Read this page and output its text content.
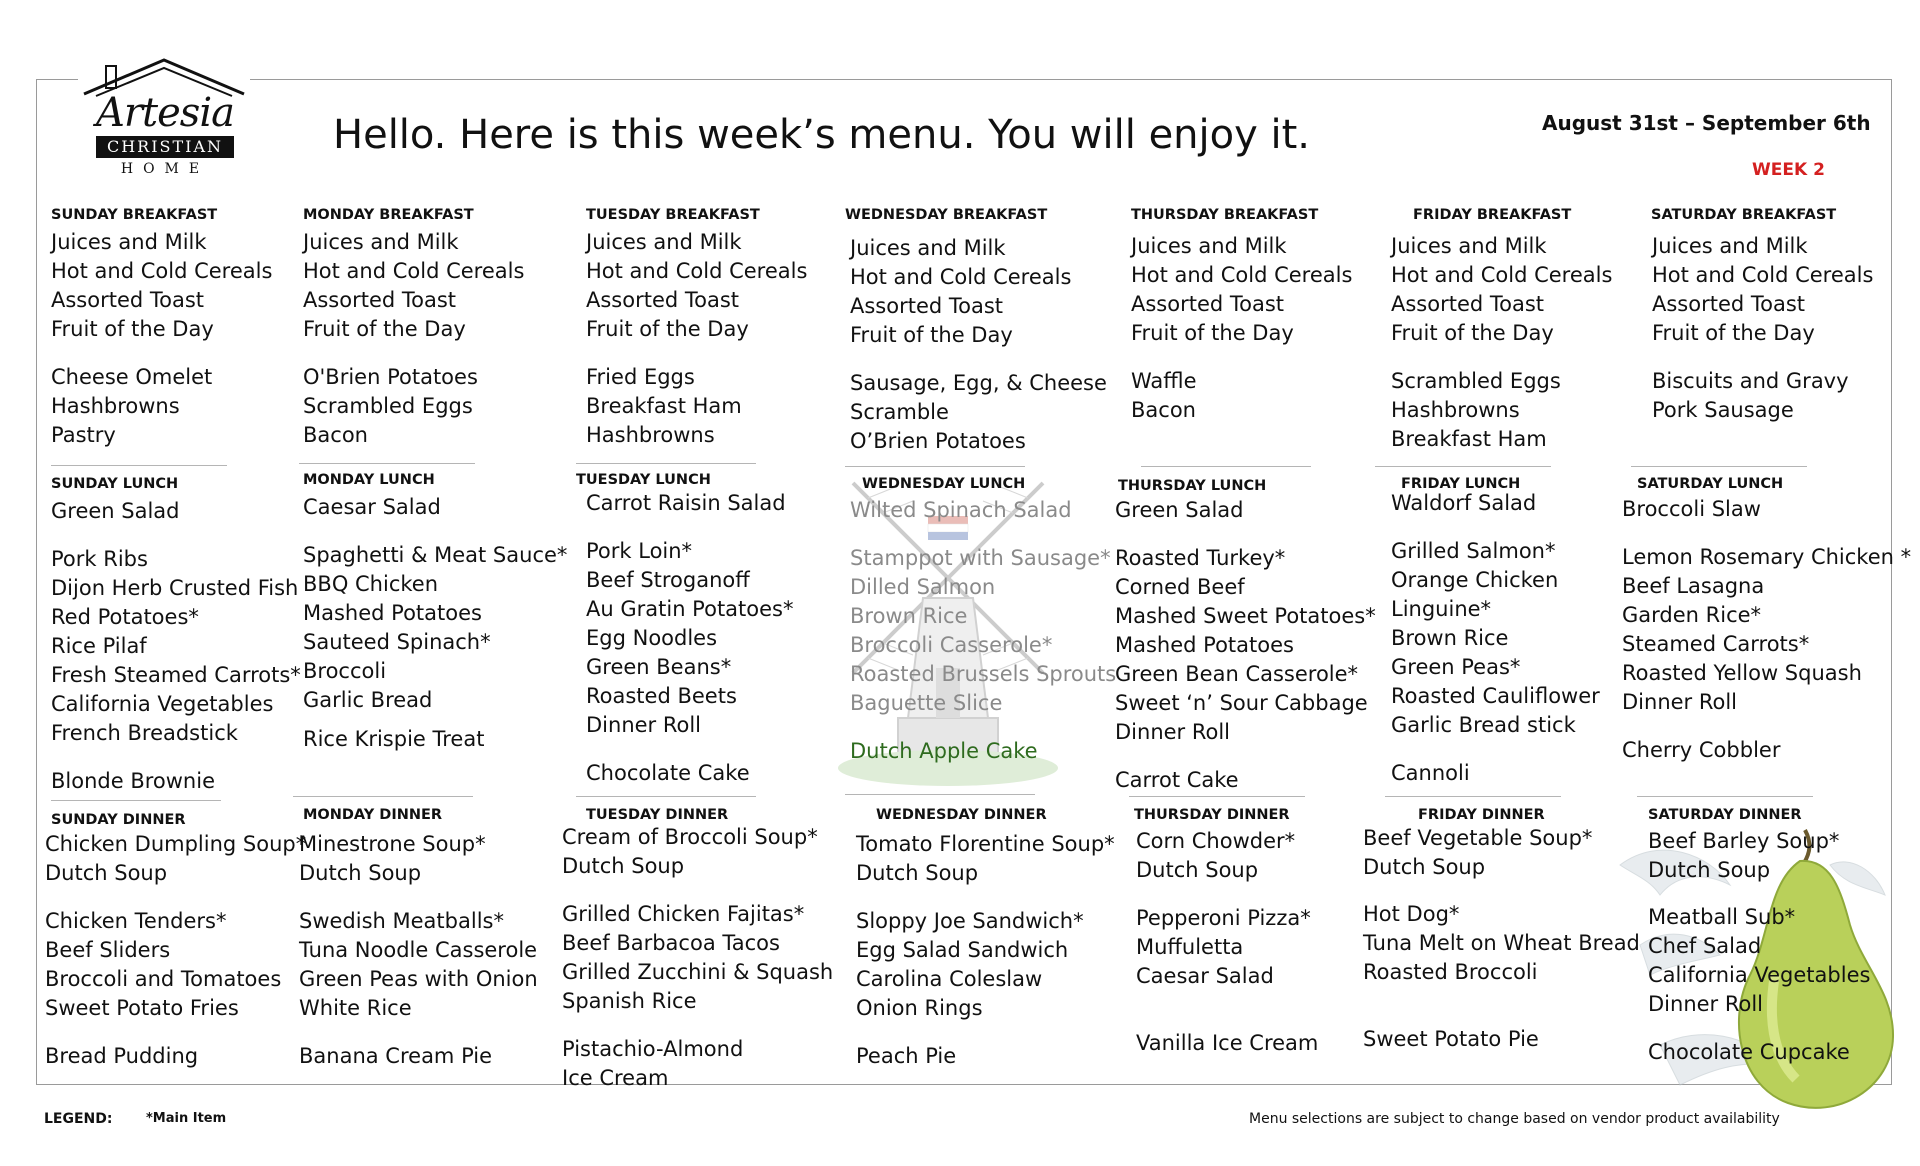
Artesia
CHRISTIAN
HOME
Hello. Here is this week’s menu. You will enjoy it.	August 31st – September 6th
WEEK 2
SUNDAY BREAKFAST
Juices and Milk
Hot and Cold Cereals
Assorted Toast
Fruit of the Day
Cheese Omelet
Hashbrowns
Pastry
SUNDAY LUNCH
Green Salad
Pork Ribs
Dijon Herb Crusted Fish
Red Potatoes*
Rice Pilaf
Fresh Steamed Carrots*
California Vegetables
French Breadstick
Blonde Brownie
SUNDAY DINNER
Chicken Dumpling Soup*
Dutch Soup
Chicken Tenders*
Beef Sliders
Broccoli and Tomatoes
Sweet Potato Fries
Bread Pudding
MONDAY BREAKFAST
Juices and Milk
Hot and Cold Cereals
Assorted Toast
Fruit of the Day
O'Brien Potatoes
Scrambled Eggs
Bacon
MONDAY LUNCH
Caesar Salad
Spaghetti & Meat Sauce*
BBQ Chicken
Mashed Potatoes
Sauteed Spinach*
Broccoli
Garlic Bread
Rice Krispie Treat
MONDAY DINNER
Minestrone Soup*
Dutch Soup
Swedish Meatballs*
Tuna Noodle Casserole
Green Peas with Onion
White Rice
Banana Cream Pie
TUESDAY BREAKFAST
Juices and Milk
Hot and Cold Cereals
Assorted Toast
Fruit of the Day
Fried Eggs
Breakfast Ham
Hashbrowns
TUESDAY LUNCH
Carrot Raisin Salad
Pork Loin*
Beef Stroganoff
Au Gratin Potatoes*
Egg Noodles
Green Beans*
Roasted Beets
Dinner Roll
Chocolate Cake
TUESDAY DINNER
Cream of Broccoli Soup*
Dutch Soup
Grilled Chicken Fajitas*
Beef Barbacoa Tacos
Grilled Zucchini & Squash
Spanish Rice
Pistachio-Almond Ice Cream
WEDNESDAY BREAKFAST
Juices and Milk
Hot and Cold Cereals
Assorted Toast
Fruit of the Day
Sausage, Egg, & Cheese
Scramble
O’Brien Potatoes
WEDNESDAY LUNCH
Wilted Spinach Salad
Stamppot with Sausage*
Dilled Salmon
Brown Rice
Broccoli Casserole*
Roasted Brussels Sprouts
Baguette Slice
Dutch Apple Cake
WEDNESDAY DINNER
Tomato Florentine Soup*
Dutch Soup
Sloppy Joe Sandwich*
Egg Salad Sandwich
Carolina Coleslaw
Onion Rings
Peach Pie
THURSDAY BREAKFAST
Juices and Milk
Hot and Cold Cereals
Assorted Toast
Fruit of the Day
Waffle
Bacon
THURSDAY LUNCH
Green Salad
Roasted Turkey*
Corned Beef
Mashed Sweet Potatoes*
Mashed Potatoes
Green Bean Casserole*
Sweet ‘n’ Sour Cabbage
Dinner Roll
Carrot Cake
THURSDAY DINNER
Corn Chowder*
Dutch Soup
Pepperoni Pizza*
Muffuletta
Caesar Salad
Vanilla Ice Cream
FRIDAY BREAKFAST
Juices and Milk
Hot and Cold Cereals
Assorted Toast
Fruit of the Day
Scrambled Eggs
Hashbrowns
Breakfast Ham
FRIDAY LUNCH
Waldorf Salad
Grilled Salmon*
Orange Chicken
Linguine*
Brown Rice
Green Peas*
Roasted Cauliflower
Garlic Bread stick
Cannoli
FRIDAY DINNER
Beef Vegetable Soup*
Dutch Soup
Hot Dog*
Tuna Melt on Wheat Bread
Roasted Broccoli
Sweet Potato Pie
SATURDAY BREAKFAST
Juices and Milk
Hot and Cold Cereals
Assorted Toast
Fruit of the Day
Biscuits and Gravy
Pork Sausage
SATURDAY LUNCH
Broccoli Slaw
Lemon Rosemary Chicken *
Beef Lasagna
Garden Rice*
Steamed Carrots*
Roasted Yellow Squash
Dinner Roll
Cherry Cobbler
SATURDAY DINNER
Beef Barley Soup*
Dutch Soup
Meatball Sub*
Chef Salad
California Vegetables
Dinner Roll
Chocolate Cupcake
LEGEND:	*Main Item	Menu selections are subject to change based on vendor product availability
